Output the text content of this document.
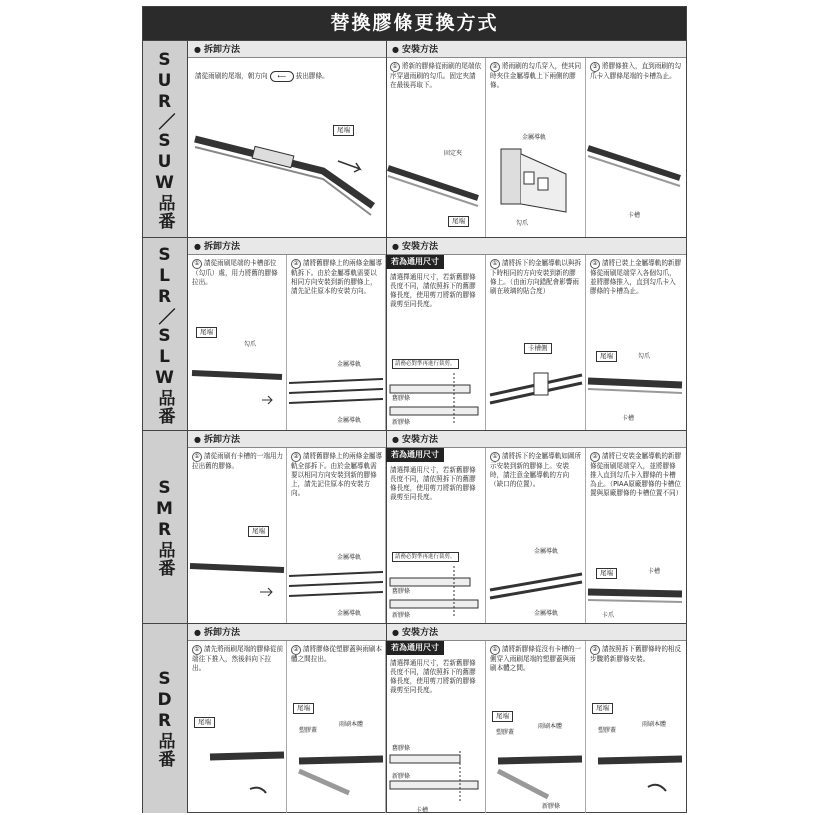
替換膠條更換方式
SUR／SUW品番	● 拆卸方法	● 安裝方法
請從雨刷的尾端，朝方向 ⟵ 拔出膠條。
尾端
① 將新的膠條從雨刷的尾端依序穿過雨刷的勾爪。固定夾請在最後再取下。
固定夾
尾端
② 將雨刷的勾爪穿入，使其同時夾住金屬導軌上下兩側的膠條。
金屬導軌
勾爪
③ 將膠條推入，直到雨刷的勾爪卡入膠條尾端的卡槽為止。
卡槽
SLR／SLW品番	● 拆卸方法	● 安裝方法
① 請從雨刷尾端的卡槽部位（勾爪）處，用力將舊的膠條拉出。
尾端
勾爪
② 請將舊膠條上的兩條金屬導軌拆下。由於金屬導軌需要以相同方向安裝到新的膠條上，請先記住原本的安裝方向。
金屬導軌
金屬導軌
若為通用尺寸
請選擇通用尺寸，若新舊膠條長度不同，請依照拆下的舊膠條長度，使用剪刀將新的膠條裁剪至同長度。
請務必對準再進行裁剪。
舊膠條
新膠條
① 請將拆下的金屬導軌以與拆下時相同的方向安裝到新的膠條上。（由面方向錯配會影響雨刷在玻璃的貼合度）
卡槽側
② 請將已裝上金屬導軌的新膠條從雨刷尾端穿入各個勾爪，並將膠條推入，直到勾爪卡入膠條的卡槽為止。
尾端	勾爪
卡槽
SMR品番
● 拆卸方法	● 安裝方法
① 請從雨刷有卡槽的一端用力拉出舊的膠條。
尾端
② 請將舊膠條上的兩條金屬導軌全部拆下。由於金屬導軌需要以相同方向安裝到新的膠條上，請先記住原本的安裝方向。
金屬導軌
金屬導軌
若為通用尺寸
請選擇通用尺寸，若新舊膠條長度不同，請依照拆下的舊膠條長度，使用剪刀將新的膠條裁剪至同長度。
請務必對準再進行裁剪。
舊膠條
新膠條
① 請將拆下的金屬導軌如圖所示安裝到新的膠條上。安裝時，請注意金屬導軌的方向（缺口的位置）。
金屬導軌
金屬導軌
② 請將已安裝金屬導軌的新膠條從雨刷尾端穿入，並將膠條推入直到勾爪卡入膠條的卡槽為止。（PIAA原廠膠條的卡槽位置與原廠膠條的卡槽位置不同）
尾端	卡槽
卡爪
SDR品番
● 拆卸方法	● 安裝方法
① 請先將雨刷尾端的膠條從前端往下推入，然後斜向下拉出。
尾端
② 請將膠條從塑膠蓋與雨刷本體之間拉出。
尾端
塑膠蓋
雨刷本體
若為通用尺寸
請選擇通用尺寸，若新舊膠條長度不同，請依照拆下的舊膠條長度，使用剪刀將新的膠條裁剪至同長度。
舊膠條
新膠條
卡槽
① 請將新膠條從沒有卡槽的一側穿入雨刷尾端的塑膠蓋與雨刷本體之間。
尾端
塑膠蓋
雨刷本體
新膠條
② 請按照拆下舊膠條時的相反步驟將新膠條安裝。
尾端
塑膠蓋
雨刷本體
